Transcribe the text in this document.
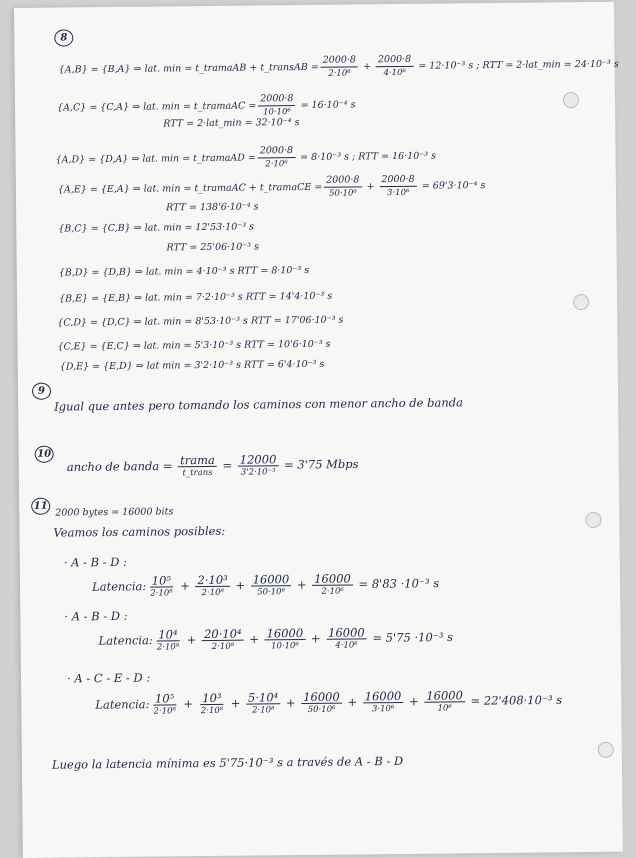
8
{A,B} = {B,A} ⇒ lat. min = t_tramaAB + t_transAB = $\frac{2000\cdot 8}{\text{2·10⁶}} + \frac{2000\cdot 8}{\text{4·10⁶}} = 12\cdot 10^{-3}$ s ; RTT = 2·lat_min = 24·10⁻³ s
{A,C} = {C,A} ⇒ lat. min = t_tramaAC = $\frac{2000\cdot 8}{\text{10·10⁶}} = 16\cdot 10^{-4}$ s
RTT = 2·lat_min = 32·10⁻⁴ s
{A,D} = {D,A} ⇒ lat. min = t_tramaAD = $\frac{2000\cdot 8}{\text{2·10⁶}} = 8\cdot 10^{-3}$ s ; RTT = 16·10⁻³ s
{A,E} = {E,A} ⇒ lat. min = t_tramaAC + t_tramaCE = $\frac{2000\cdot 8}{\text{50·10⁶}} + \frac{2000\cdot 8}{\text{3·10⁶}} = 69'3\cdot 10^{-4}$ s
RTT = 138'6·10⁻⁴ s
{B,C} = {C,B} ⇒ lat. min = 12'53·10⁻³ s
RTT = 25'06·10⁻³ s
{B,D} = {D,B} ⇒ lat. min = 4·10⁻³ s RTT = 8·10⁻³ s
{B,E} = {E,B} ⇒ lat. min = 7·2·10⁻³ s RTT = 14'4·10⁻³ s
{C,D} = {D,C} ⇒ lat. min = 8'53·10⁻³ s RTT = 17'06·10⁻³ s
{C,E} = {E,C} ⇒ lat. min = 5'3·10⁻³ s RTT = 10'6·10⁻³ s
{D,E} = {E,D} ⇒ lat min = 3'2·10⁻³ s RTT = 6'4·10⁻³ s
9
Igual que antes pero tomando los caminos con menor ancho de banda
10
ancho de banda = $\frac{\text{trama}}{\text{t\_trans}} = \frac{12000}{\text{3'2·10⁻³}} = 3'75$ Mbps
11
2000 bytes = 16000 bits
Veamos los caminos posibles:
· A - B - D :
Latencia: $\frac{\text{10⁵}}{\text{2·10⁸}} + \frac{\text{2·10³}}{\text{2·10⁸}} + \frac{16000}{\text{50·10⁶}} + \frac{16000}{\text{2·10⁶}} = 8'83 \cdot 10^{-3}$ s
· A - B - D :
Latencia: $\frac{\text{10⁴}}{\text{2·10⁸}} + \frac{\text{20·10⁴}}{\text{2·10⁸}} + \frac{16000}{\text{10·10⁶}} + \frac{16000}{\text{4·10⁶}} = 5'75 \cdot 10^{-3}$ s
· A - C - E - D :
Latencia: $\frac{\text{10⁵}}{\text{2·10⁸}} + \frac{\text{10³}}{\text{2·10⁸}} + \frac{\text{5·10⁴}}{\text{2·10⁸}} + \frac{16000}{\text{50·10⁶}} + \frac{16000}{\text{3·10⁶}} + \frac{16000}{\text{10⁶}} = 22'408\cdot 10^{-3}$ s
Luego la latencia mínima es 5'75·10⁻³ s a través de A - B - D
